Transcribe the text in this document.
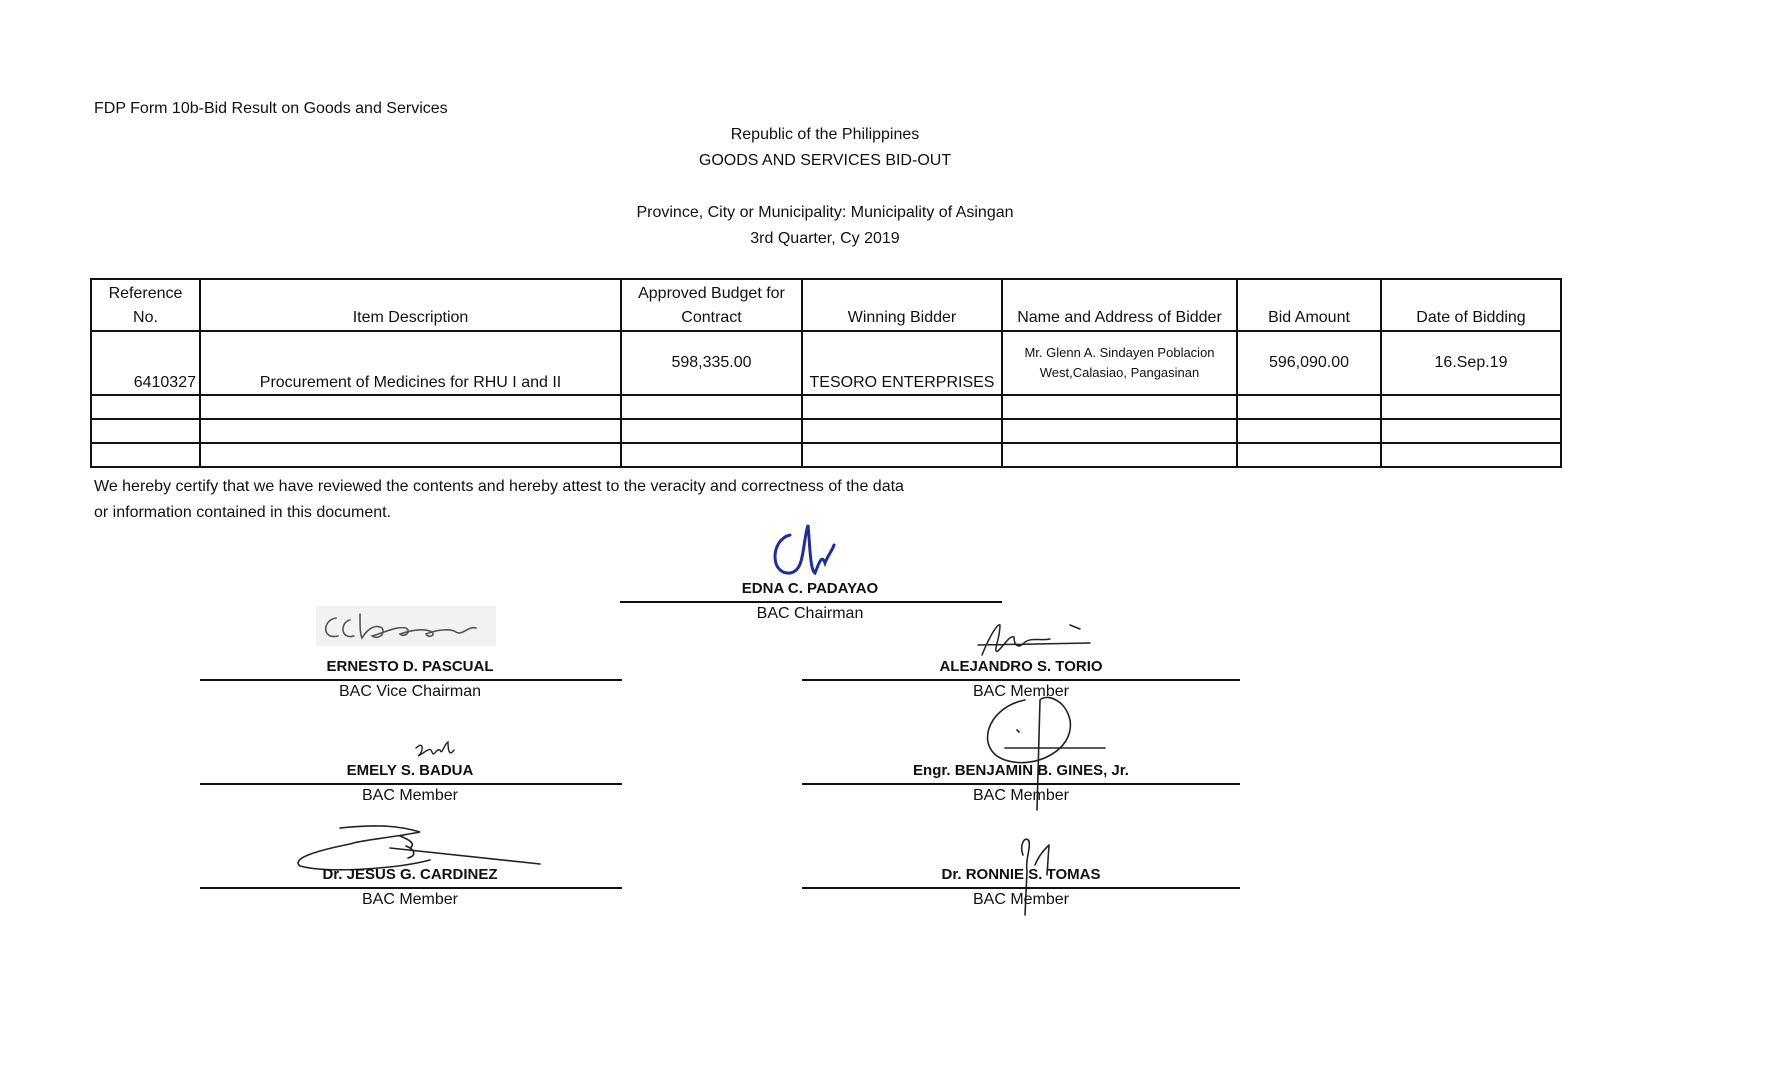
FDP Form 10b-Bid Result on Goods and Services
Republic of the Philippines
GOODS AND SERVICES BID-OUT
Province, City or Municipality: Municipality of Asingan
3rd Quarter, Cy 2019
Reference No.	Item Description	Approved Budget for Contract	Winning Bidder	Name and Address of Bidder	Bid Amount	Date of Bidding
6410327	Procurement of Medicines for RHU I and II	598,335.00	TESORO ENTERPRISES	Mr. Glenn A. Sindayen Poblacion West,Calasiao, Pangasinan	596,090.00	16.Sep.19

We hereby certify that we have reviewed the contents and hereby attest to the veracity and correctness of the data
or information contained in this document.
EDNA C. PADAYAO
BAC Chairman
ERNESTO D. PASCUAL
BAC Vice Chairman
ALEJANDRO S. TORIO
BAC Member
EMELY S. BADUA
BAC Member
Engr. BENJAMIN B. GINES, Jr.
BAC Member
Dr. JESUS G. CARDINEZ
BAC Member
Dr. RONNIE S. TOMAS
BAC Member
